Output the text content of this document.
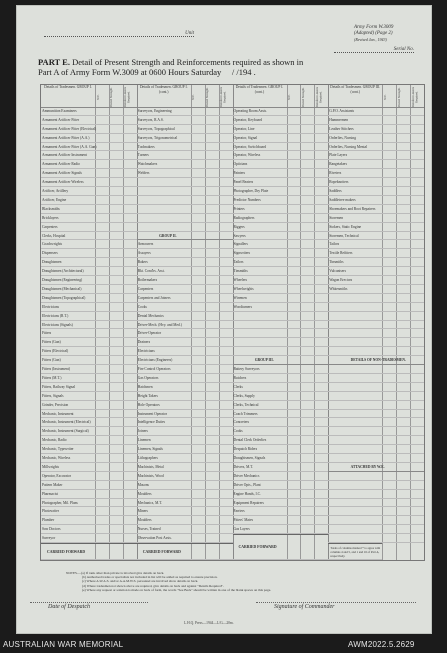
Unit
Army Form W.3009
(Adapted) (Page 2)
(Revised Jan., 1943)
Serial No.
PART E. Detail of Present Strength and Reinforcements required as shown in
Part A of Army Form W.3009 at 0600 Hours Saturday / /194 .
Details of Tradesmen. GROUP I.
W.E.	Posted Strength.	Reinforce-ments Required.
Ammunition Examiners
Armament Artificer Fitter
Armament Artificer Fitter (Electrical)
Armament Artificer Fitter (A.A.)
Armament Artificer Fitter (A.A. Gun)
Armament Artificer Instrument
Armament Artificer Radio
Armament Artificer Signals
Armament Artificer Wireless
Artificer, Artillery
Artificer, Engine
Blacksmiths
Bricklayers
Carpenters
Clerks, Hospital
Coachwrights
Dispensers
Draughtsmen
Draughtsmen (Architectural)
Draughtsmen (Engineering)
Draughtsmen (Mechanical)
Draughtsmen (Topographical)
Electricians
Electricians (R.T.)
Electricians (Signals)
Fitters
Fitters (Gun)
Fitters (Electrical)
Fitters (Gun)
Fitters (Instrument)
Fitters (M.T.)
Fitters, Railway Signal
Fitters, Signals
Grinder, Precision
Mechanic, Instrument
Mechanic, Instrument (Electrical)
Mechanic, Instrument (Surgical)
Mechanic, Radio
Mechanic, Typewriter
Mechanic, Wireless
Millwrights
Operator, Excavator
Pattern Maker
Pharmacist
Photographer, Mil. Plans
Photowriter
Plumber
Saw Doctors
Surveyor
CARRIED FORWARD
Details of Tradesmen. GROUP I. (cont.)
W.E.	Posted Strength.	Reinforce-ments Required.
Surveyors, Engineering
Surveyors, R.A.S.
Surveyors, Topographical
Surveyors, Trigonometrical
Toolmakers
Turners
Watchmakers
Welders
GROUP II.
Armourers
Assayers
Bakers
Bkt. Cond'rs. Asst.
Boilermakers
Carpenters
Carpenters and Joiners
Cooks
Dental Mechanics
Driver-Mech. (Hvy. and Med.)
Driver-Operator
Drainers
Electricians
Electricians (Engineers)
Fire Control Operators
Gas Operators
Hatchmen
Height Takers
Hole Operators
Instrument Operator
Intelligence Duties
Joiners
Linemen
Linemen, Signals
Lithographers
Machinists, Metal
Machinists, Wood
Masons
Moulders
Mechanics, M.T.
Miners
Moulders
Nurses, Trained
Observation Post Assts.
CARRIED FORWARD
Details of Tradesmen. GROUP I. (cont.)
W.E.	Posted Strength.	Reinforce-ments Required.
Operating Room Assts.
Operator, Keyboard
Operator, Line
Operator, Signal
Operator, Switchboard
Operator, Wireless
Opticians
Painters
Panel Beaters
Photographer, Dry Plate
Predictor Numbers
Printers
Radiographers
Riggers
Sawyers
Signallers
Signwriters
Tailors
Tinsmiths
Wheelers
Wheelwrights
Wiremen
Woodturners
GROUP III.
Battery Surveyors
Butchers
Clerks
Clerks, Supply
Clerks, Technical
Coach Trimmers
Concreters
Cooks
Dental Clerk Orderlies
Despatch Riders
Draughtsmen, Signals
Drivers, M.T.
Driver Mechanics
Driver Opts., Plant
Engine Hands, I.C.
Equipment Repairers
Farriers
Fitters' Mates
Gas Layers
CARRIED FORWARD
Details of Tradesmen. GROUP III. (cont.)
W.E.	Posted Strength.	Reinforce-ments Required.
G.P.O. Assistants
Hammermen
Leather Stitchers
Orderlies, Nursing
Orderlies, Nursing Mental
Plate Layers
Rangetakers
Riveters
Ropeknotters
Saddlers
Saddletree makers
Shoemakers and Boot Repairers
Storemen
Stokers, Static Engine
Storemen, Technical
Tailors
Textile Refitters
Tinsmiths
Vulcanisers
Wagon Erectors
Whitesmiths
DETAILS OF NON-TRADESMEN.
ATTACHED BY W.E.
Totals of columns marked * to agree with columns 4 and 5, and 1 and 16 of Part A, respectively.
NOTES.—(a) If rank other than private is involved give details on back.
(b) Authorised trades or specialists not included in list will be added as required to ensure precision.
(c) Where A.W.A.S. and/or A.A.M.W.S. personnel are involved show details on back.
(d) Where tradesmen not shown above are required, give details on back and against "Details Required".
(e) Where any request or solution is made on back of form, the words "See Back" should be written in one of the blank spaces on this page.
Date of Despatch	Signature of Commander
L.H.Q. Press—1944—L/G—20m.
AUSTRALIAN WAR MEMORIAL	AWM2022.5.2629
